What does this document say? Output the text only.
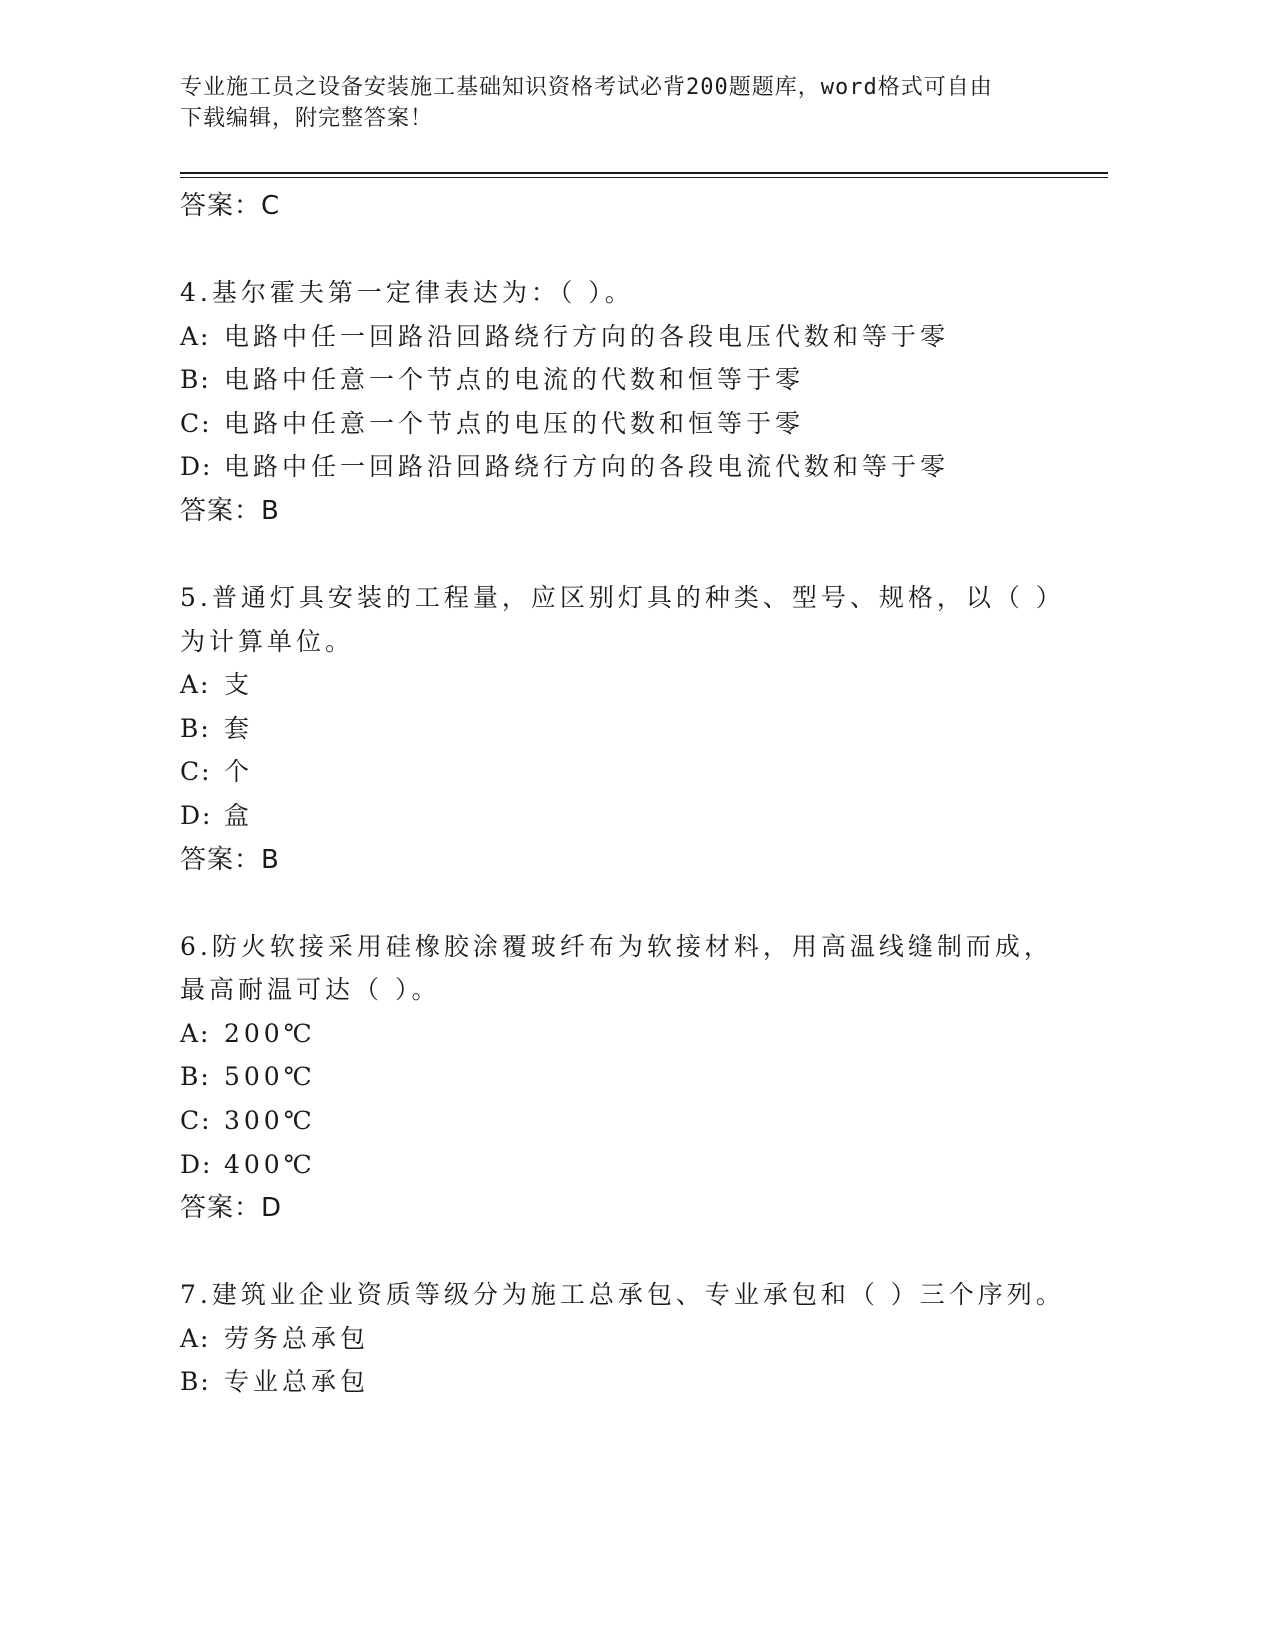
专业施工员之设备安装施工基础知识资格考试必背200题题库，word格式可自由
下载编辑，附完整答案！
答案：C
4.基尔霍夫第一定律表达为：（ ）。
A: 电路中任一回路沿回路绕行方向的各段电压代数和等于零
B: 电路中任意一个节点的电流的代数和恒等于零
C: 电路中任意一个节点的电压的代数和恒等于零
D: 电路中任一回路沿回路绕行方向的各段电流代数和等于零
答案：B
5.普通灯具安装的工程量，应区别灯具的种类、型号、规格，以（ ）
为计算单位。
A: 支
B: 套
C: 个
D: 盒
答案：B
6.防火软接采用硅橡胶涂覆玻纤布为软接材料，用高温线缝制而成，
最高耐温可达（ ）。
A: 200℃
B: 500℃
C: 300℃
D: 400℃
答案：D
7.建筑业企业资质等级分为施工总承包、专业承包和（ ）三个序列。
A: 劳务总承包
B: 专业总承包
